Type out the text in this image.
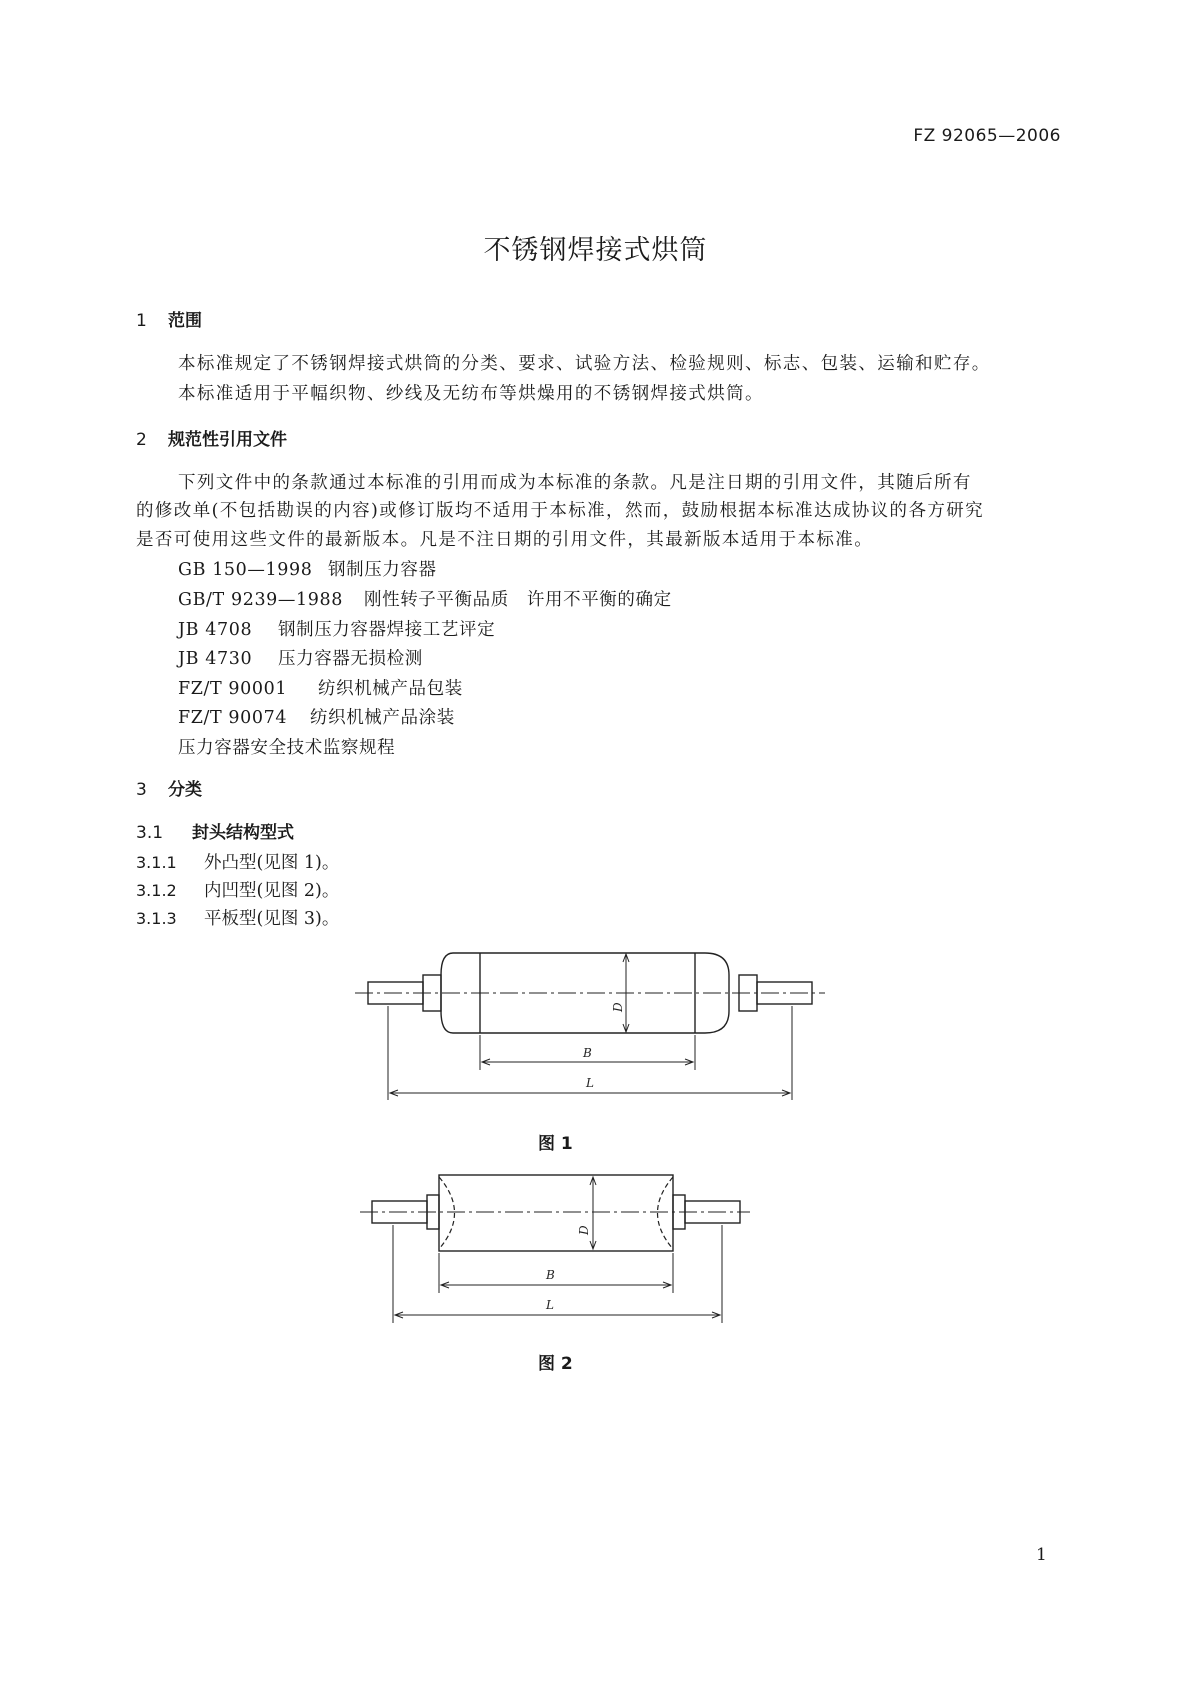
FZ 92065—2006
不锈钢焊接式烘筒
1 范围
本标准规定了不锈钢焊接式烘筒的分类、要求、试验方法、检验规则、标志、包装、运输和贮存。
本标准适用于平幅织物、纱线及无纺布等烘燥用的不锈钢焊接式烘筒。
2 规范性引用文件
下列文件中的条款通过本标准的引用而成为本标准的条款。凡是注日期的引用文件，其随后所有
的修改单(不包括勘误的内容)或修订版均不适用于本标准，然而，鼓励根据本标准达成协议的各方研究
是否可使用这些文件的最新版本。凡是不注日期的引用文件，其最新版本适用于本标准。
GB 150—1998 钢制压力容器
GB/T 9239—1988 刚性转子平衡品质　许用不平衡的确定
JB 4708 钢制压力容器焊接工艺评定
JB 4730 压力容器无损检测
FZ/T 90001 纺织机械产品包装
FZ/T 90074 纺织机械产品涂装
压力容器安全技术监察规程
3 分类
3.1 封头结构型式
3.1.1 外凸型(见图 1)。
3.1.2 内凹型(见图 2)。
3.1.3 平板型(见图 3)。
D
B
L
图 1
D
B
L
图 2
1
